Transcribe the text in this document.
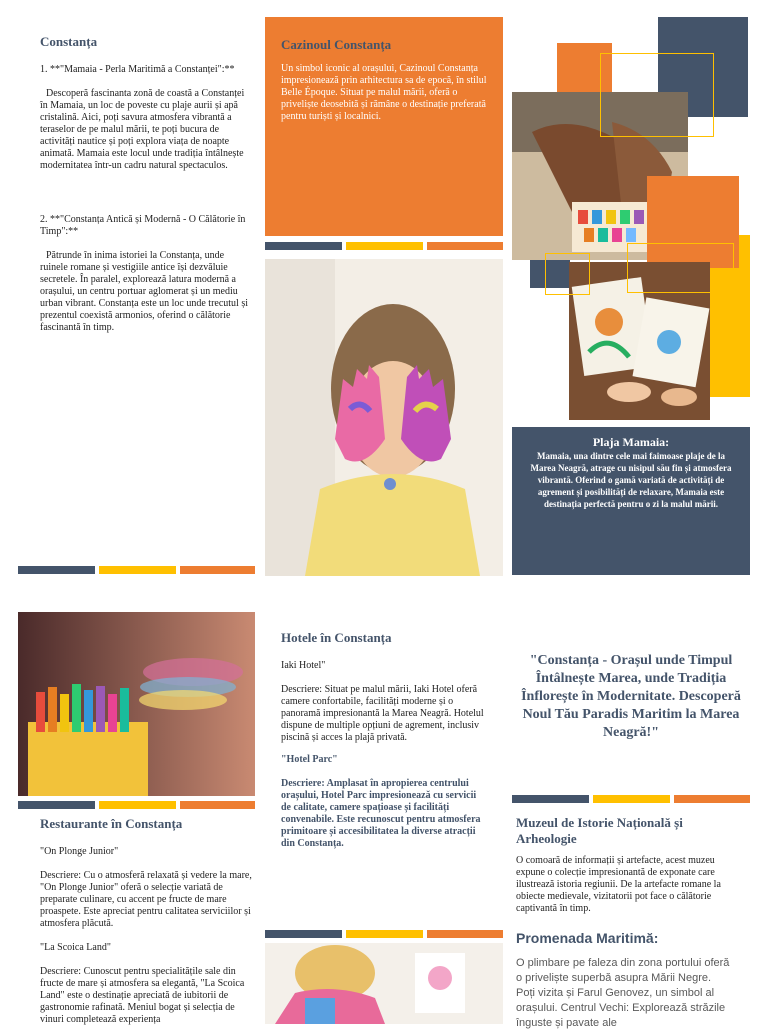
Constanța

1. **"Mamaia - Perla Maritimă a Constanței":**

Descoperă fascinanta zonă de coastă a Constanței în Mamaia, un loc de poveste cu plaje aurii și apă cristalină. Aici, poți savura atmosfera vibrantă a teraselor de pe malul mării, te poți bucura de activități nautice și poți explora viața de noapte animată. Mamaia este locul unde tradiția întâlnește modernitatea într-un cadru natural spectaculos.

2. **"Constanța Antică și Modernă - O Călătorie în Timp":**

Pătrunde în inima istoriei la Constanța, unde ruinele romane și vestigiile antice își dezvăluie secretele. În paralel, explorează latura modernă a orașului, un centru portuar aglomerat și un mediu urban vibrant. Constanța este un loc unde trecutul și prezentul coexistă armonios, oferind o călătorie fascinantă în timp.

Cazinoul Constanța

Un simbol iconic al orașului, Cazinoul Constanța impresionează prin arhitectura sa de epocă, în stilul Belle Époque. Situat pe malul mării, oferă o priveliște deosebită și rămâne o destinație preferată pentru turiști și localnici.

Plaja Mamaia:

Mamaia, una dintre cele mai faimoase plaje de la Marea Neagră, atrage cu nisipul său fin și atmosfera vibrantă. Oferind o gamă variată de activități de agrement și posibilități de relaxare, Mamaia este destinația perfectă pentru o zi la malul mării.

Restaurante în Constanța

"On Plonge Junior"

Descriere: Cu o atmosferă relaxată și vedere la mare, "On Plonge Junior" oferă o selecție variată de preparate culinare, cu accent pe fructe de mare proaspete. Este apreciat pentru calitatea serviciilor și atmosfera plăcută.

"La Scoica Land"

Descriere: Cunoscut pentru specialitățile sale din fructe de mare și atmosfera sa elegantă, "La Scoica Land" este o destinație apreciată de iubitorii de gastronomie rafinată. Meniul bogat și selecția de vinuri completează experiența

Hotele în Constanța

Iaki Hotel"

Descriere: Situat pe malul mării, Iaki Hotel oferă camere confortabile, facilități moderne și o panoramă impresionantă la Marea Neagră. Hotelul dispune de multiple opțiuni de agrement, inclusiv piscină și acces la plajă privată.

"Hotel Parc"

Descriere: Amplasat în apropierea centrului orașului, Hotel Parc impresionează cu servicii de calitate, camere spațioase și facilități convenabile. Este recunoscut pentru atmosfera primitoare și accesibilitatea la diverse atracții din Constanța.

"Constanța - Orașul unde Timpul Întâlnește Marea, unde Tradiția Înflorește în Modernitate. Descoperă Noul Tău Paradis Maritim la Marea Neagră!"

Muzeul de Istorie Națională și Arheologie

O comoară de informații și artefacte, acest muzeu expune o colecție impresionantă de exponate care ilustrează istoria regiunii. De la artefacte romane la obiecte medievale, vizitatorii pot face o călătorie captivantă în timp.

Promenada Maritimă:

O plimbare pe faleza din zona portului oferă o priveliște superbă asupra Mării Negre. Poți vizita și Farul Genovez, un simbol al orașului. Centrul Vechi: Explorează străzile înguste și pavate ale
